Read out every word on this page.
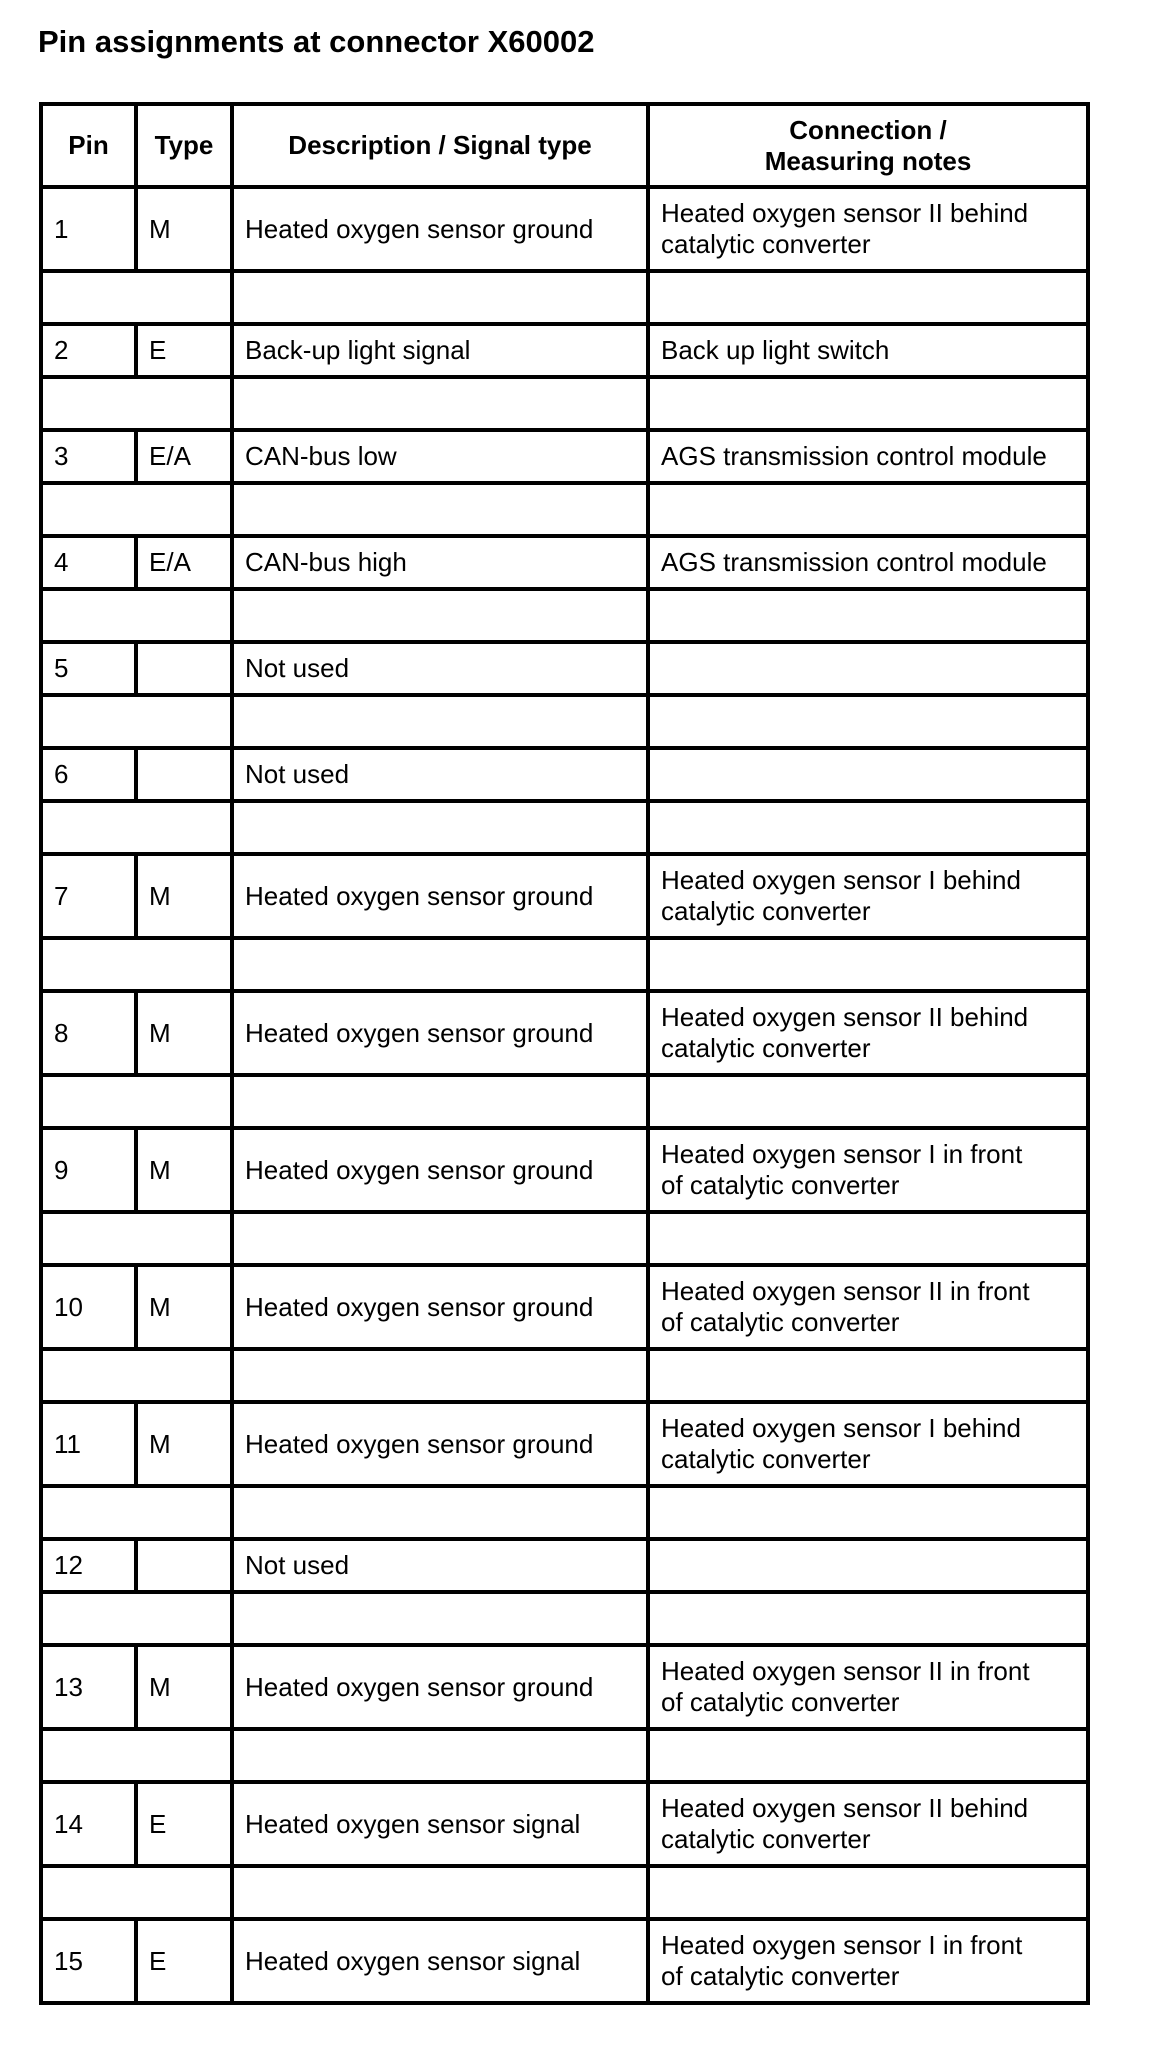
Pin assignments at connector X60002
Pin	Type	Description / Signal type	Connection /
Measuring notes
1	M	Heated oxygen sensor ground	Heated oxygen sensor II behind
catalytic converter

2	E	Back-up light signal	Back up light switch

3	E/A	CAN-bus low	AGS transmission control module

4	E/A	CAN-bus high	AGS transmission control module

5		Not used	

6		Not used	

7	M	Heated oxygen sensor ground	Heated oxygen sensor I behind
catalytic converter

8	M	Heated oxygen sensor ground	Heated oxygen sensor II behind
catalytic converter

9	M	Heated oxygen sensor ground	Heated oxygen sensor I in front
of catalytic converter

10	M	Heated oxygen sensor ground	Heated oxygen sensor II in front
of catalytic converter

11	M	Heated oxygen sensor ground	Heated oxygen sensor I behind
catalytic converter

12		Not used	

13	M	Heated oxygen sensor ground	Heated oxygen sensor II in front
of catalytic converter

14	E	Heated oxygen sensor signal	Heated oxygen sensor II behind
catalytic converter

15	E	Heated oxygen sensor signal	Heated oxygen sensor I in front
of catalytic converter
